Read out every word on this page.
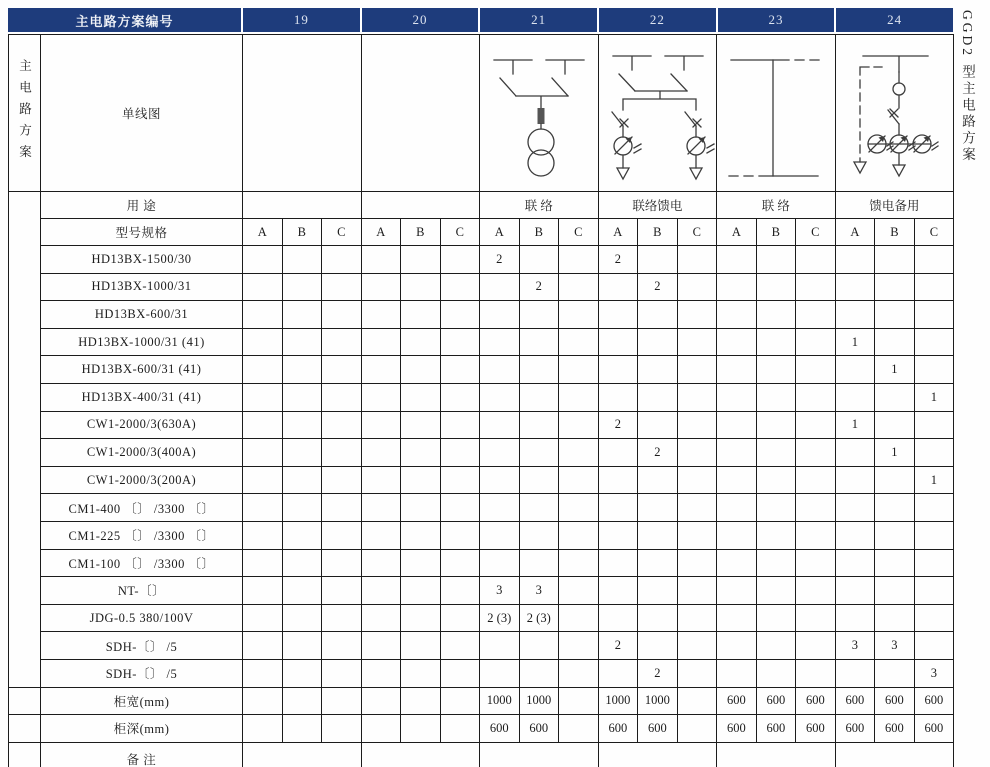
主电路方案编号	19	20	21	22	23	24
主电路方案	单线图			

	用 途							联 络			联络馈电			联 络			馈电备用		
	型号规格	A	B	C	A	B	C	A	B	C	A	B	C	A	B	C	A	B	C
	HD13BX-1500/30							2			2								
	HD13BX-1000/31								2			2							
	HD13BX-600/31																		
	HD13BX-1000/31 (41)																1		
	HD13BX-600/31 (41)																	1	
	HD13BX-400/31 (41)																		1
	CW1-2000/3(630A)										2						1		
	CW1-2000/3(400A)											2						1	
	CW1-2000/3(200A)																		1
	CM1-400 〔〕 /3300 〔〕																		
	CM1-225 〔〕 /3300 〔〕																		
	CM1-100 〔〕 /3300 〔〕																		
	NT-〔〕							3	3										
	JDG-0.5 380/100V							2 (3)	2 (3)										
	SDH-〔〕 /5										2						3	3	
	SDH-〔〕 /5											2							3
	柜宽(mm)							1000	1000		1000	1000		600	600	600	600	600	600
	柜深(mm)							600	600		600	600		600	600	600	600	600	600
	备 注																		
GGD2 型主电路方案
